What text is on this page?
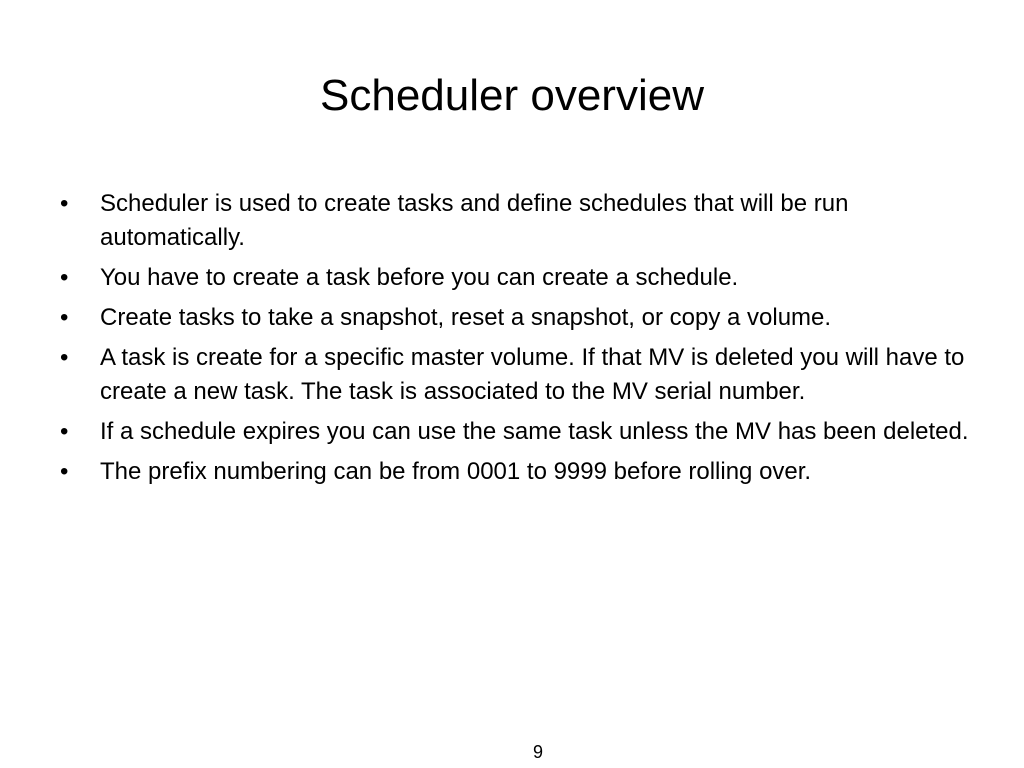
Scheduler overview
• Scheduler is used to create tasks and define schedules that will be run automatically.
• You have to create a task before you can create a schedule.
• Create tasks to take a snapshot, reset a snapshot, or copy a volume.
• A task is create for a specific master volume. If that MV is deleted you will have to create a new task. The task is associated to the MV serial number.
• If a schedule expires you can use the same task unless the MV has been deleted.
• The prefix numbering can be from 0001 to 9999 before rolling over.
9
